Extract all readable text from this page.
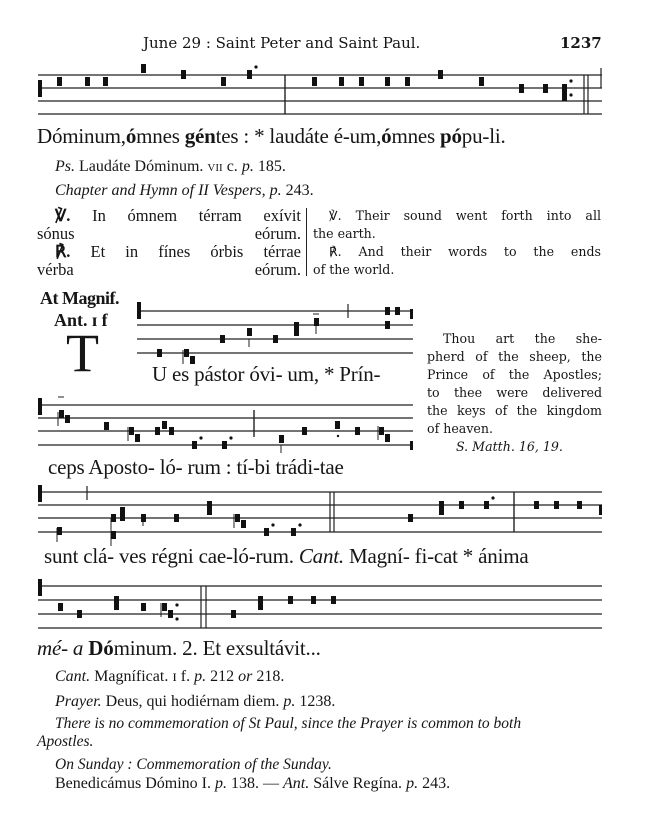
June 29 : Saint Peter and Saint Paul.	1237
Dóminum,ómnes géntes : * laudáte é-um,ómnes pópu-li.
Ps. Laudáte Dóminum. vii c. p. 185.
Chapter and Hymn of II Vespers, p. 243.
℣. In ómnem térram exívit
sónus eórum.
℟. Et in fínes órbis térrae
vérba eórum.
℣. Their sound went forth into all
the earth.
℟. And their words to the ends
of the world.
At Magnif.
Ant. ɪ f
T	U es pástor óvi- um, * Prín-
Thou art the she-
pherd of the sheep, the
Prince of the Apostles;
to thee were delivered
the keys of the kingdom
of heaven.
S. Matth. 16, 19.
ceps Aposto- ló- rum : tí-bi trádi-tae
sunt clá- ves régni cae-ló-rum. Cant. Magní- fi-cat * ánima
mé- a Dóminum. 2. Et exsultávit...
Cant. Magníficat. ɪ f. p. 212 or 218.
Prayer. Deus, qui hodiérnam diem. p. 1238.
There is no commemoration of St Paul, since the Prayer is common to both
Apostles.
On Sunday : Commemoration of the Sunday.
Benedicámus Dómino I. p. 138. — Ant. Sálve Regína. p. 243.
